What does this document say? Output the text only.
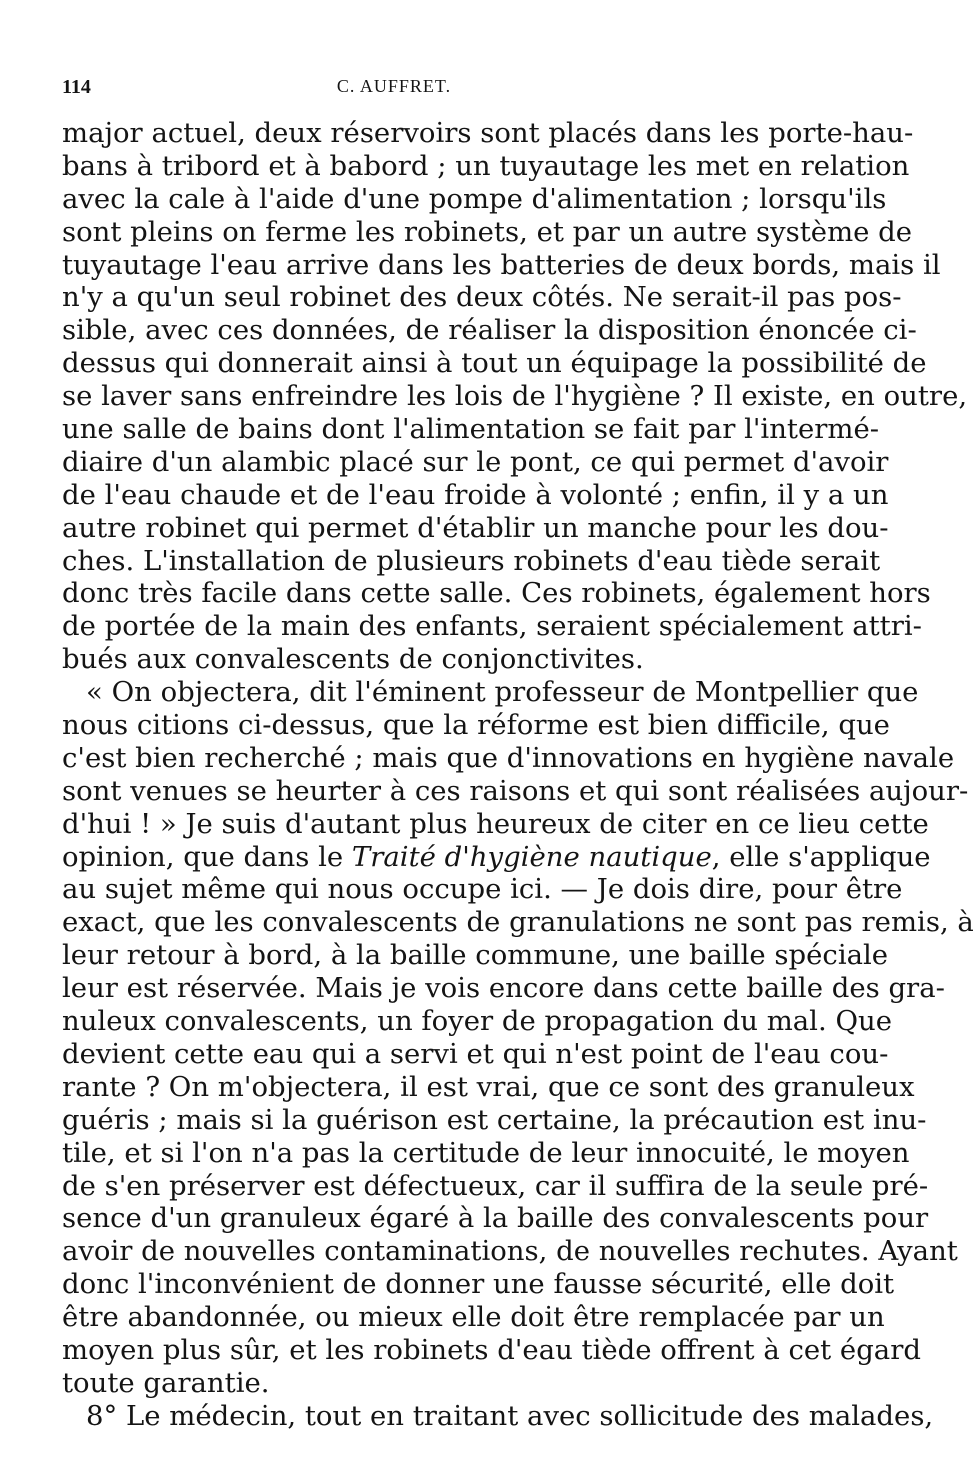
114	C. AUFFRET.
major actuel, deux réservoirs sont placés dans les porte-hau-
bans à tribord et à babord ; un tuyautage les met en relation
avec la cale à l'aide d'une pompe d'alimentation ; lorsqu'ils
sont pleins on ferme les robinets, et par un autre système de
tuyautage l'eau arrive dans les batteries de deux bords, mais il
n'y a qu'un seul robinet des deux côtés. Ne serait-il pas pos-
sible, avec ces données, de réaliser la disposition énoncée ci-
dessus qui donnerait ainsi à tout un équipage la possibilité de
se laver sans enfreindre les lois de l'hygiène ? Il existe, en outre,
une salle de bains dont l'alimentation se fait par l'intermé-
diaire d'un alambic placé sur le pont, ce qui permet d'avoir
de l'eau chaude et de l'eau froide à volonté ; enfin, il y a un
autre robinet qui permet d'établir un manche pour les dou-
ches. L'installation de plusieurs robinets d'eau tiède serait
donc très facile dans cette salle. Ces robinets, également hors
de portée de la main des enfants, seraient spécialement attri-
bués aux convalescents de conjonctivites.
« On objectera, dit l'éminent professeur de Montpellier que
nous citions ci-dessus, que la réforme est bien difficile, que
c'est bien recherché ; mais que d'innovations en hygiène navale
sont venues se heurter à ces raisons et qui sont réalisées aujour-
d'hui ! » Je suis d'autant plus heureux de citer en ce lieu cette
opinion, que dans le Traité d'hygiène nautique, elle s'applique
au sujet même qui nous occupe ici. — Je dois dire, pour être
exact, que les convalescents de granulations ne sont pas remis, à
leur retour à bord, à la baille commune, une baille spéciale
leur est réservée. Mais je vois encore dans cette baille des gra-
nuleux convalescents, un foyer de propagation du mal. Que
devient cette eau qui a servi et qui n'est point de l'eau cou-
rante ? On m'objectera, il est vrai, que ce sont des granuleux
guéris ; mais si la guérison est certaine, la précaution est inu-
tile, et si l'on n'a pas la certitude de leur innocuité, le moyen
de s'en préserver est défectueux, car il suffira de la seule pré-
sence d'un granuleux égaré à la baille des convalescents pour
avoir de nouvelles contaminations, de nouvelles rechutes. Ayant
donc l'inconvénient de donner une fausse sécurité, elle doit
être abandonnée, ou mieux elle doit être remplacée par un
moyen plus sûr, et les robinets d'eau tiède offrent à cet égard
toute garantie.
8° Le médecin, tout en traitant avec sollicitude des malades,
